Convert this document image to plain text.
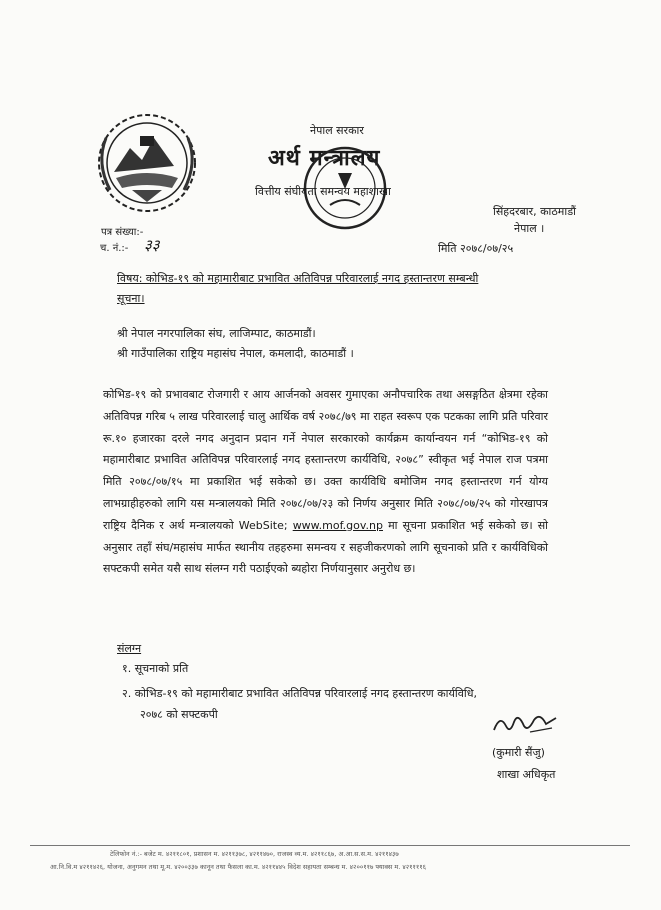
नेपाल सरकार
अर्थ मन्त्रालय
वित्तीय संघीयता समन्वय महाशाखा
पत्र संख्या:-
च. नं.:- ३३
सिंहदरबार, काठमाडौं
नेपाल ।
मिति २०७८/०७/२५
विषय: कोभिड-१९ को महामारीबाट प्रभावित अतिविपन्न परिवारलाई नगद हस्तान्तरण सम्बन्धी
सूचना।
श्री नेपाल नगरपालिका संघ, लाजिम्पाट, काठमाडौं।
श्री गाउँपालिका राष्ट्रिय महासंघ नेपाल, कमलादी, काठमाडौं ।
कोभिड-१९ को प्रभावबाट रोजगारी र आय आर्जनको अवसर गुमाएका अनौपचारिक तथा असङ्गठित क्षेत्रमा रहेका अतिविपन्न गरिब ५ लाख परिवारलाई चालु आर्थिक वर्ष २०७८/७९ मा राहत स्वरूप एक पटकका लागि प्रति परिवार रू.१० हजारका दरले नगद अनुदान प्रदान गर्ने नेपाल सरकारको कार्यक्रम कार्यान्वयन गर्न “कोभिड-१९ को महामारीबाट प्रभावित अतिविपन्न परिवारलाई नगद हस्तान्तरण कार्यविधि, २०७८” स्वीकृत भई नेपाल राज पत्रमा मिति २०७८/०७/१५ मा प्रकाशित भई सकेको छ। उक्त कार्यविधि बमोजिम नगद हस्तान्तरण गर्न योग्य लाभग्राहीहरुको लागि यस मन्त्रालयको मिति २०७८/०७/२३ को निर्णय अनुसार मिति २०७८/०७/२५ को गोरखापत्र राष्ट्रिय दैनिक र अर्थ मन्त्रालयको WebSite; www.mof.gov.np मा सूचना प्रकाशित भई सकेको छ। सो अनुसार तहाँ संघ/महासंघ मार्फत स्थानीय तहहरुमा समन्वय र सहजीकरणको लागि सूचनाको प्रति र कार्यविधिको सफ्टकपी समेत यसै साथ संलग्न गरी पठाईएको ब्यहोरा निर्णयानुसार अनुरोध छ।
संलग्न
१. सूचनाको प्रति
२. कोभिड-१९ को महामारीबाट प्रभावित अतिविपन्न परिवारलाई नगद हस्तान्तरण कार्यविधि,
२०७८ को सफ्टकपी
(कुमारी सैंजु)
शाखा अधिकृत
टेलिफोन नं.:- बजेट म. ४२११८०१, प्रशासन म. ४२११३७८, ४२११४७०, राजस्व व्य.म. ४२११८६७, अ.आ.स.स.म. ४२११४३७
आ.नि.वि.म ४२११४२६, योजना, अनुगमन तथा मू.म. ४२००३३७ कानून तथा फैसला का.म. ४२११४४५ विदेश सहायता सम्बन्ध म. ४२००११७ फ्याक्स म. ४२११११६
